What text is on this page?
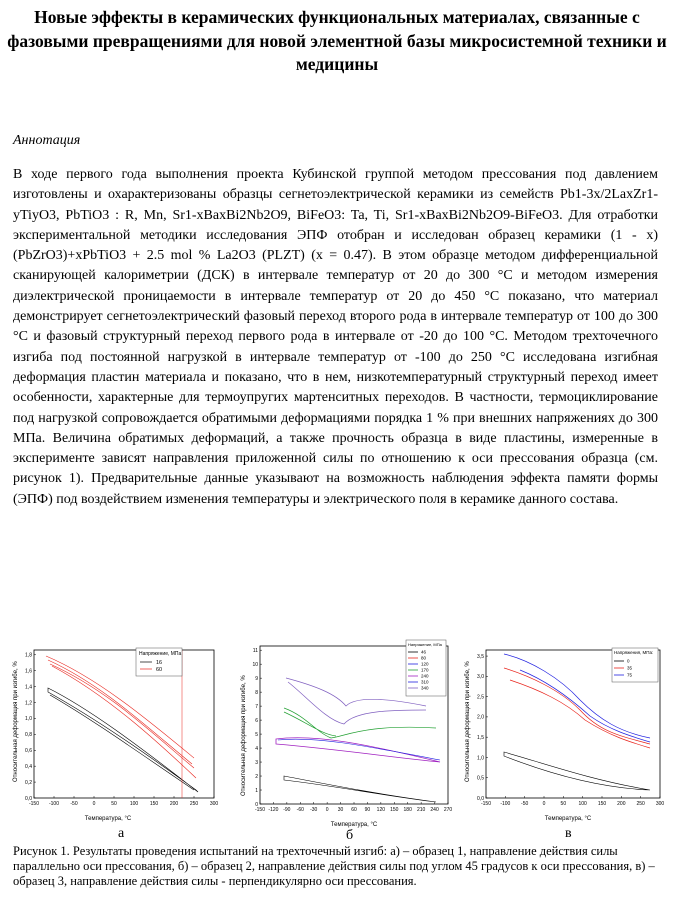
Новые эффекты в керамических функциональных материалах, связанные с фазовыми превращениями для новой элементной базы микросистемной техники и медицины
Аннотация

В ходе первого года выполнения проекта Кубинской группой методом прессования под давлением изготовлены и охарактеризованы образцы сегнетоэлектрической керамики из семейств Pb1-3x/2LaxZr1-yTiyO3, PbTiO3 : R, Mn, Sr1-xBaxBi2Nb2O9, BiFeO3: Ta, Ti, Sr1-xBaxBi2Nb2O9-BiFeO3. Для отработки экспериментальной методики исследования ЭПФ отобран и исследован образец керамики (1 - x)(PbZrO3)+xPbTiO3 + 2.5 mol % La2O3 (PLZT) (x = 0.47). В этом образце методом дифференциальной сканирующей калориметрии (ДСК) в интервале температур от 20 до 300 °С и методом измерения диэлектрической проницаемости в интервале температур от 20 до 450 °С показано, что материал демонстрирует сегнетоэлектрический фазовый переход второго рода в интервале температур от 100 до 300 °С и фазовый структурный переход первого рода в интервале от -20 до 100 °С. Методом трехточечного изгиба под постоянной нагрузкой в интервале температур от -100 до 250 °С исследована изгибная деформация пластин материала и показано, что в нем, низкотемпературный структурный переход имеет особенности, характерные для термоупругих мартенситных переходов. В частности, термоциклирование под нагрузкой сопровождается обратимыми деформациями порядка 1 % при внешних напряжениях до 300 МПа. Величина обратимых деформаций, а также прочность образца в виде пластины, измеренные в эксперименте зависят направления приложенной силы по отношению к оси прессования образца (см. рисунок 1). Предварительные данные указывают на возможность наблюдения эффекта памяти формы (ЭПФ) под воздействием изменения температуры и электрического поля в керамике данного состава.

0,0
0,2
0,4
0,6
0,8
1,0
1,2
1,4
1,6
1,8
-150 -100 -50	0	50	100 150 200 250 300
Относительная деформация при изгибе, %
Температура, °С
Напряжение, МПа
16
60
а
0
1
2
3
4
5
6
7
8
9
10
11
-150 -120 -90 -60 -30 0 30 60 90 120 150 180 210 240 270
Относительная деформация при изгибе, %
Температура, °С
Напряжение, МПа
46
80
120
170
240
310
340
б
0,0
0,5
1,0
1,5
2,0
2,5
3,0
3,5
-150 -100 -50	0	50 100 150 200 250 300
Относительная деформация при изгибе, %
Температура, °С
Напряжения, МПа:
0
35
75
в
Рисунок 1. Результаты проведения испытаний на трехточечный изгиб: а) – образец 1, направление действия силы параллельно оси прессования, б) – образец 2, направление действия силы под углом 45 градусов к оси прессования, в) – образец 3, направление действия силы - перпендикулярно оси прессования.
